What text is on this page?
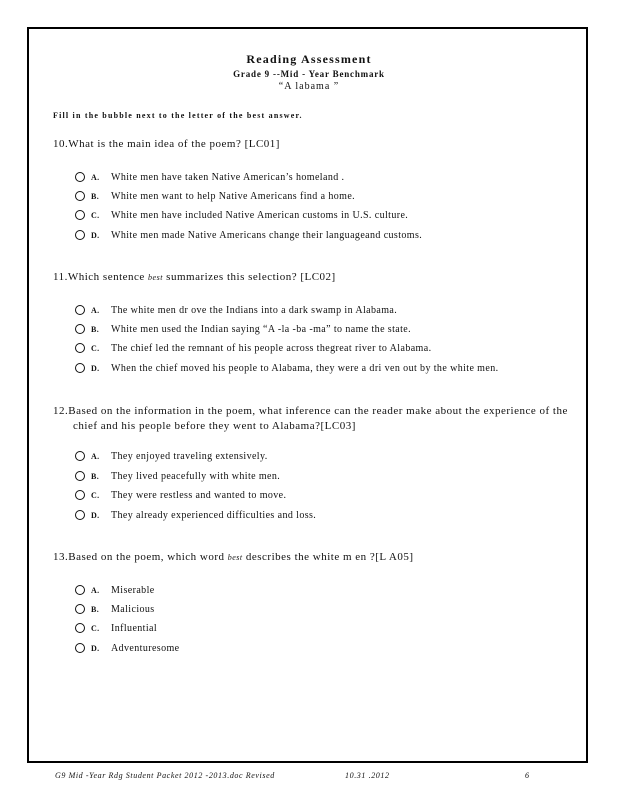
Reading Assessment
Grade 9 --Mid - Year Benchmark
“A labama ”
Fill in the bubble next to the letter of the best answer.
10.What is the main idea of the poem? [LC01]
A. White men have taken Native American’s homeland .
B. White men want to help Native Americans find a home.
C. White men have included Native American customs in U.S. culture.
D. White men made Native Americans change their languageand customs.
11.Which sentence best summarizes this selection? [LC02]
A. The white men dr ove the Indians into a dark swamp in Alabama.
B. White men used the Indian saying “A -la -ba -ma” to name the state.
C. The chief led the remnant of his people across thegreat river to Alabama.
D. When the chief moved his people to Alabama, they were a dri ven out by the white men.
12.Based on the information in the poem, what inference can the reader make about the experience of the chief and his people before they went to Alabama?[LC03]
A. They enjoyed traveling extensively.
B. They lived peacefully with white men.
C. They were restless and wanted to move.
D. They already experienced difficulties and loss.
13.Based on the poem, which word best describes the white m en ?[L A05]
A. Miserable
B. Malicious
C. Influential
D. Adventuresome
G9 Mid -Year Rdg Student Packet 2012 -2013.doc Revised	10.31 .2012	6
